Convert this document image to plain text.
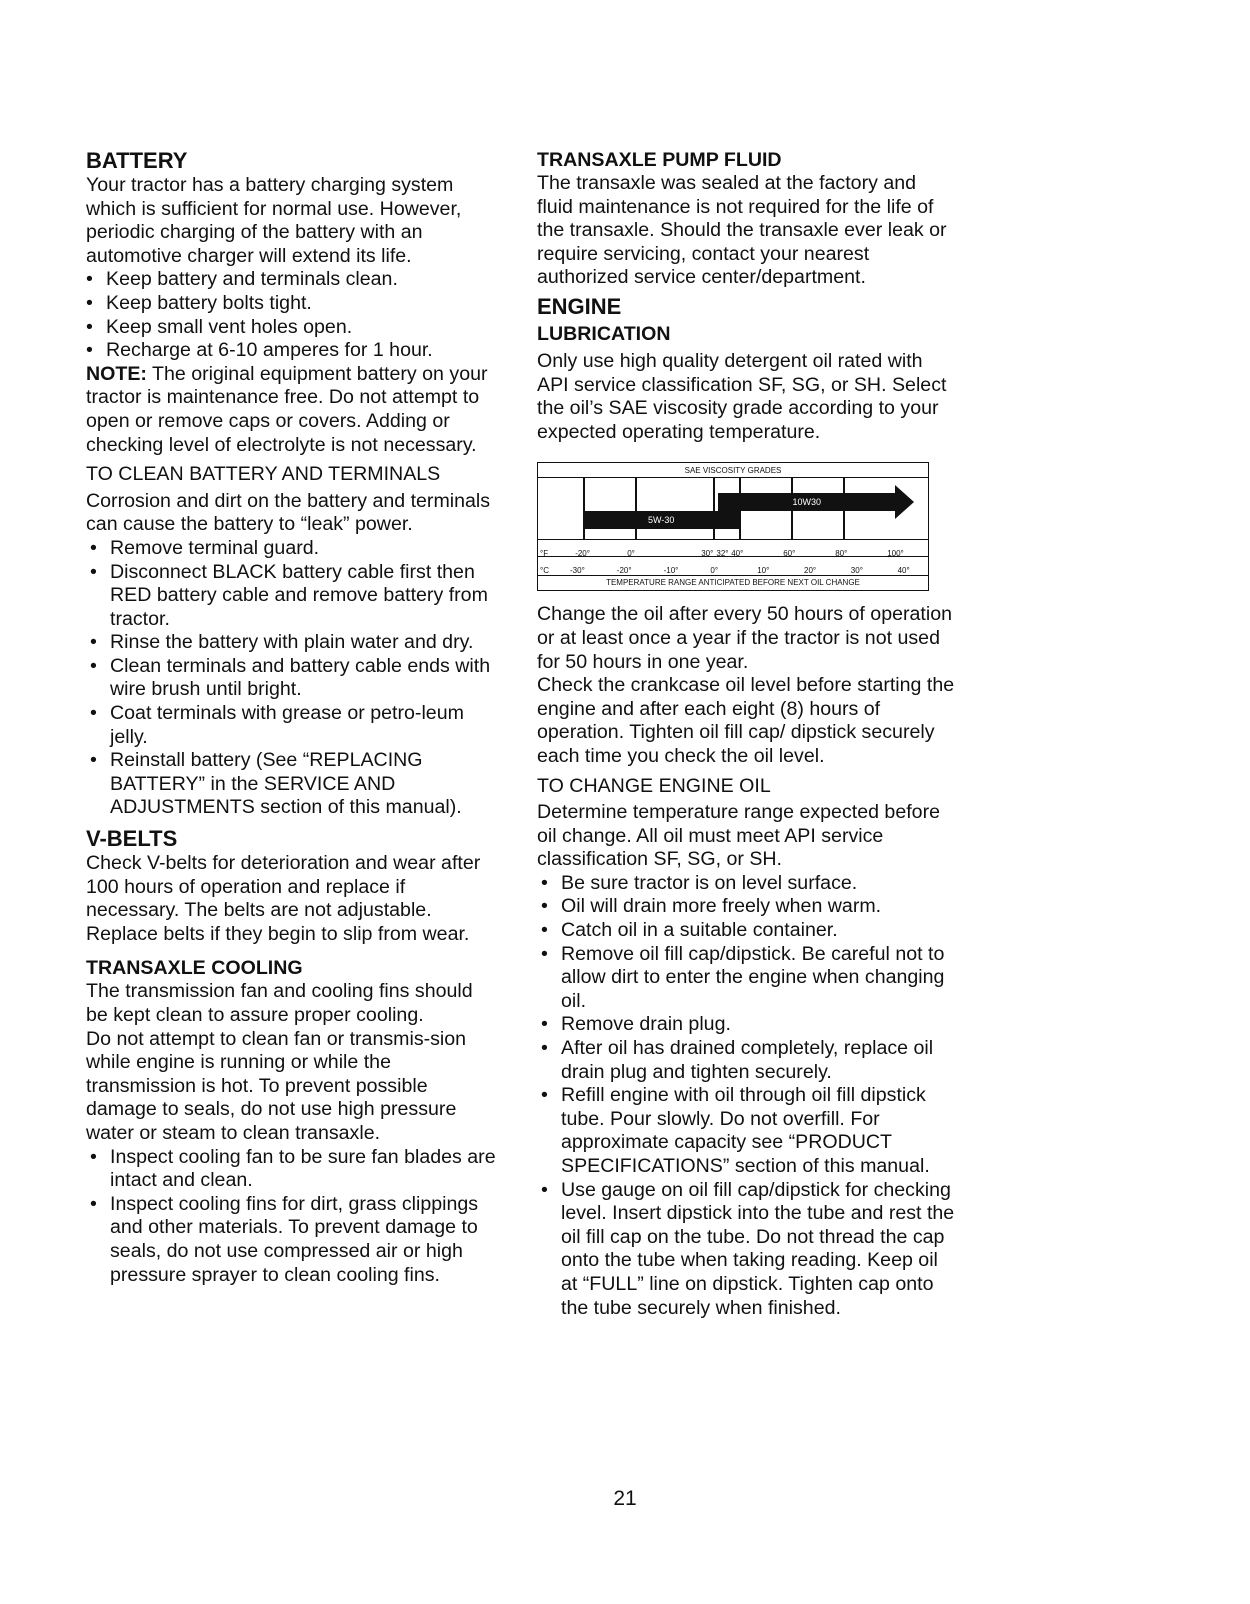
BATTERY

Your tractor has a battery charging system which is sufficient for normal use. However, periodic charging of the battery with an automotive charger will extend its life.

• Keep battery and terminals clean.
• Keep battery bolts tight.
• Keep small vent holes open.
• Recharge at 6-10 amperes for 1 hour.

NOTE: The original equipment battery on your tractor is maintenance free. Do not attempt to open or remove caps or covers. Adding or checking level of electrolyte is not necessary.

TO CLEAN BATTERY AND TERMINALS

Corrosion and dirt on the battery and terminals can cause the battery to “leak” power.

• Remove terminal guard.
• Disconnect BLACK battery cable first then RED battery cable and remove battery from tractor.
• Rinse the battery with plain water and dry.
• Clean terminals and battery cable ends with wire brush until bright.
• Coat terminals with grease or petro-leum jelly.
• Reinstall battery (See “REPLACING BATTERY” in the SERVICE AND ADJUSTMENTS section of this manual).
V-BELTS

Check V-belts for deterioration and wear after 100 hours of operation and replace if necessary. The belts are not adjustable. Replace belts if they begin to slip from wear.

TRANSAXLE COOLING

The transmission fan and cooling fins should be kept clean to assure proper cooling.

Do not attempt to clean fan or transmis-sion while engine is running or while the transmission is hot. To prevent possible damage to seals, do not use high pressure water or steam to clean transaxle.

• Inspect cooling fan to be sure fan blades are intact and clean.
• Inspect cooling fins for dirt, grass clippings and other materials. To prevent damage to seals, do not use compressed air or high pressure sprayer to clean cooling fins.
TRANSAXLE PUMP FLUID

The transaxle was sealed at the factory and fluid maintenance is not required for the life of the transaxle. Should the transaxle ever leak or require servicing, contact your nearest authorized service center/department.

ENGINE
LUBRICATION

Only use high quality detergent oil rated with API service classification SF, SG, or SH. Select the oil’s SAE viscosity grade according to your expected operating temperature.

SAE VISCOSITY GRADES
5W-30
10W30
°F	-20°	0°	30° 32° 40°	60°	80°	100°
°C	-30°	-20°	-10°	0°	10°	20°	30°	40°
TEMPERATURE RANGE ANTICIPATED BEFORE NEXT OIL CHANGE

Change the oil after every 50 hours of operation or at least once a year if the tractor is not used for 50 hours in one year.

Check the crankcase oil level before starting the engine and after each eight (8) hours of operation. Tighten oil fill cap/ dipstick securely each time you check the oil level.

TO CHANGE ENGINE OIL

Determine temperature range expected before oil change. All oil must meet API service classification SF, SG, or SH.

• Be sure tractor is on level surface.
• Oil will drain more freely when warm.
• Catch oil in a suitable container.
• Remove oil fill cap/dipstick. Be careful not to allow dirt to enter the engine when changing oil.
• Remove drain plug.
• After oil has drained completely, replace oil drain plug and tighten securely.
• Refill engine with oil through oil fill dipstick tube. Pour slowly. Do not overfill. For approximate capacity see “PRODUCT SPECIFICATIONS” section of this manual.
• Use gauge on oil fill cap/dipstick for checking level. Insert dipstick into the tube and rest the oil fill cap on the tube. Do not thread the cap onto the tube when taking reading. Keep oil at “FULL” line on dipstick. Tighten cap onto the tube securely when finished.
21
